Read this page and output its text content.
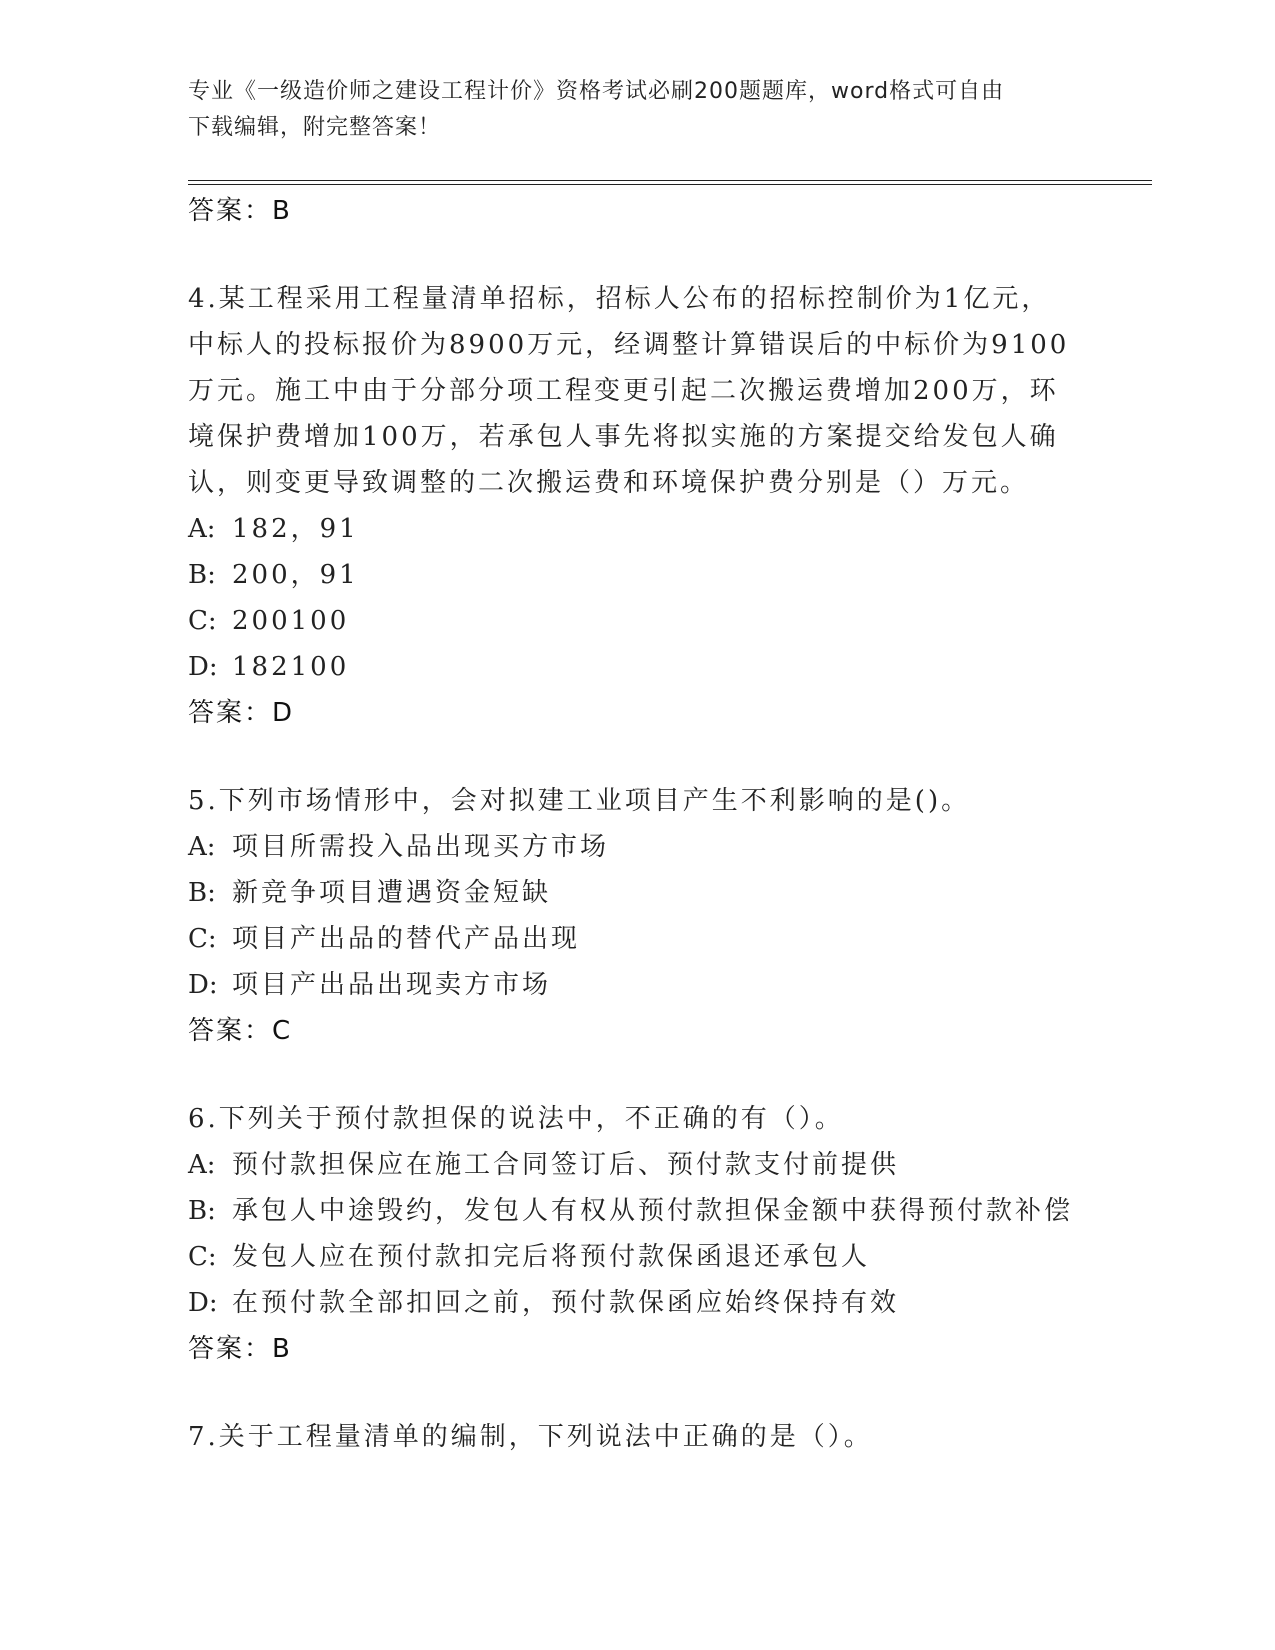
专业《一级造价师之建设工程计价》资格考试必刷200题题库，word格式可自由
下载编辑，附完整答案！
答案：B
4.某工程采用工程量清单招标，招标人公布的招标控制价为1亿元，
中标人的投标报价为8900万元，经调整计算错误后的中标价为9100
万元。施工中由于分部分项工程变更引起二次搬运费增加200万，环
境保护费增加100万，若承包人事先将拟实施的方案提交给发包人确
认，则变更导致调整的二次搬运费和环境保护费分别是（）万元。
A: 182，91
B: 200，91
C: 200100
D: 182100
答案：D
5.下列市场情形中，会对拟建工业项目产生不利影响的是()。
A: 项目所需投入品出现买方市场
B: 新竞争项目遭遇资金短缺
C: 项目产出品的替代产品出现
D: 项目产出品出现卖方市场
答案：C
6.下列关于预付款担保的说法中，不正确的有（）。
A: 预付款担保应在施工合同签订后、预付款支付前提供
B: 承包人中途毁约，发包人有权从预付款担保金额中获得预付款补偿
C: 发包人应在预付款扣完后将预付款保函退还承包人
D: 在预付款全部扣回之前，预付款保函应始终保持有效
答案：B
7.关于工程量清单的编制，下列说法中正确的是（）。
